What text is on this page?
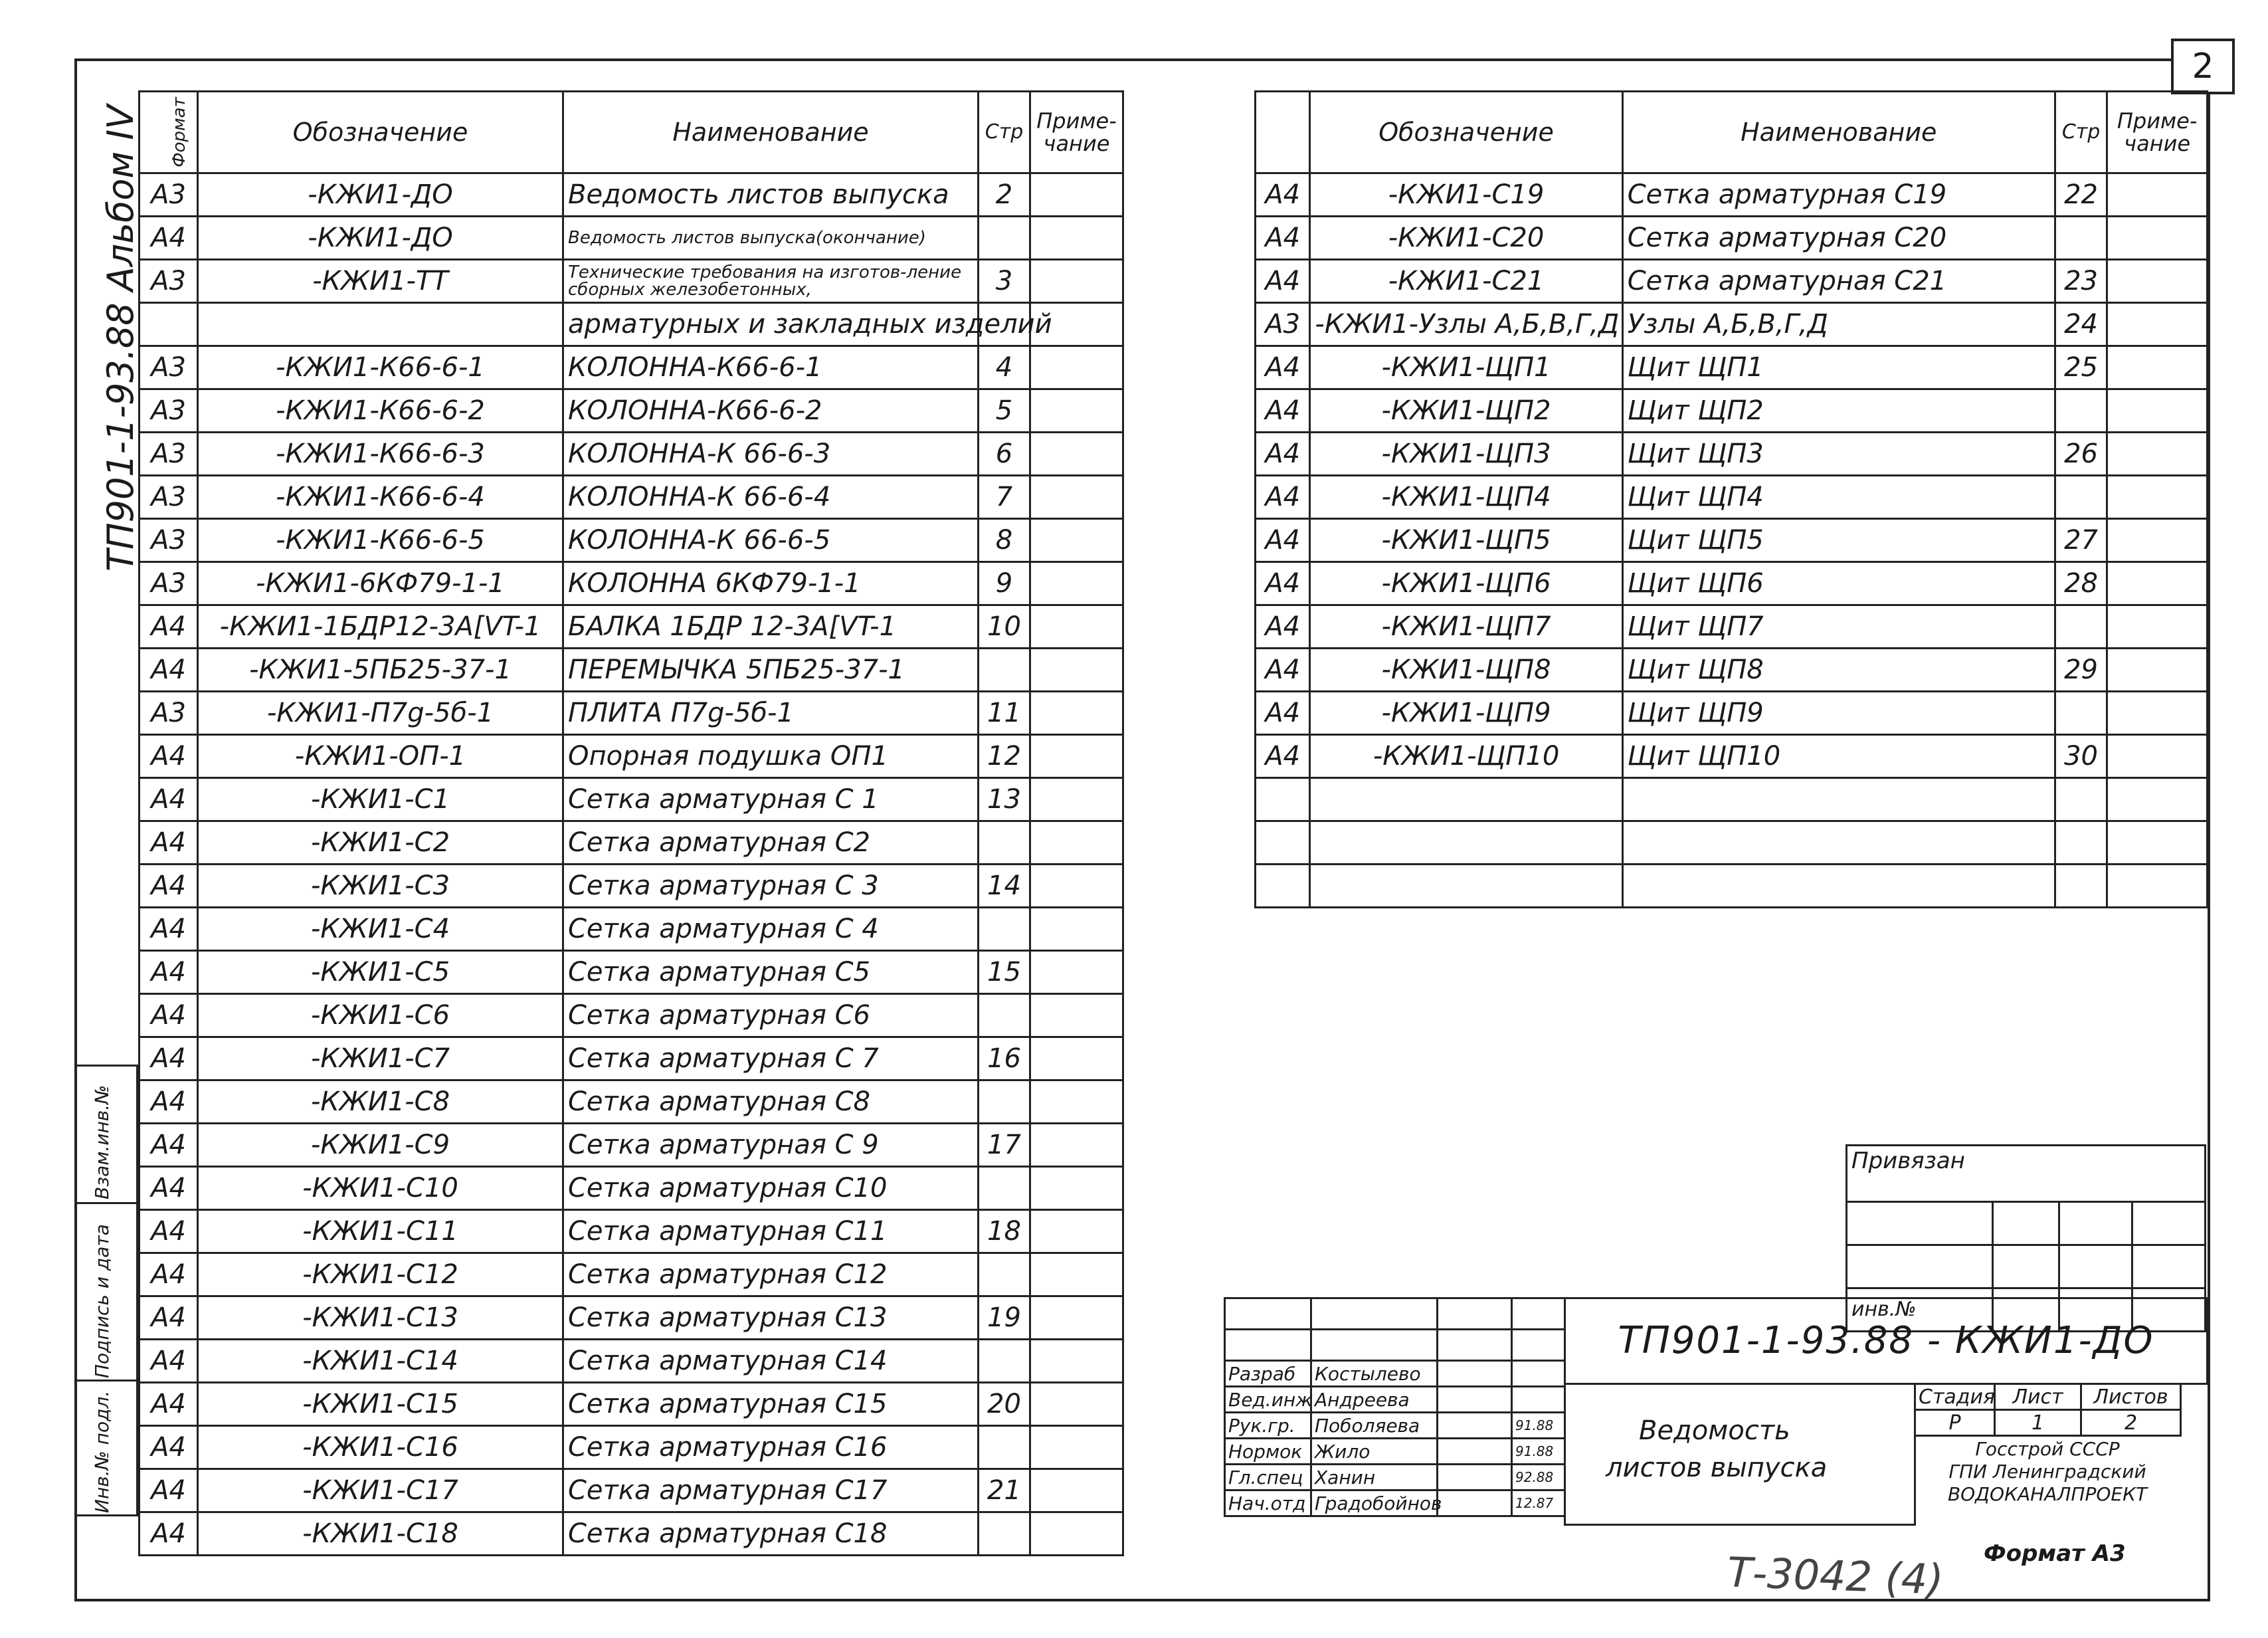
2
ТП901-1-93.88 Альбом IV Формат	Обозначение	Наименование	Стр	Приме-чание
А3	-КЖИ1-ДО	Ведомость листов выпуска	2	
А4	-КЖИ1-ДО	Ведомость листов выпуска(окончание)		
А3	-КЖИ1-ТТ	Технические требования на изготов-ление сборных железобетонных,	3	
		арматурных и закладных изделий		
А3	-КЖИ1-К66-6-1	КОЛОННА-К66-6-1	4	
А3	-КЖИ1-К66-6-2	КОЛОННА-К66-6-2	5	
А3	-КЖИ1-К66-6-3	КОЛОННА-К 66-6-3	6	
А3	-КЖИ1-К66-6-4	КОЛОННА-К 66-6-4	7	
А3	-КЖИ1-К66-6-5	КОЛОННА-К 66-6-5	8	
А3	-КЖИ1-6КФ79-1-1	КОЛОННА 6КФ79-1-1	9	
А4	-КЖИ1-1БДР12-3А[VT-1	БАЛКА 1БДР 12-3А[VT-1	10	
А4	-КЖИ1-5ПБ25-37-1	ПЕРЕМЫЧКА 5ПБ25-37-1		
А3	-КЖИ1-П7g-5б-1	ПЛИТА П7g-5б-1	11	
А4	-КЖИ1-ОП-1	Опорная подушка ОП1	12	
А4	-КЖИ1-С1	Сетка арматурная С 1	13	
А4	-КЖИ1-С2	Сетка арматурная С2		
А4	-КЖИ1-С3	Сетка арматурная С 3	14	
А4	-КЖИ1-С4	Сетка арматурная С 4		
А4	-КЖИ1-С5	Сетка арматурная С5	15	
А4	-КЖИ1-С6	Сетка арматурная С6		
А4	-КЖИ1-С7	Сетка арматурная С 7	16	
А4	-КЖИ1-С8	Сетка арматурная С8		
А4	-КЖИ1-С9	Сетка арматурная С 9	17	
А4	-КЖИ1-С10	Сетка арматурная С10		
А4	-КЖИ1-С11	Сетка арматурная С11	18	
А4	-КЖИ1-С12	Сетка арматурная С12		
А4	-КЖИ1-С13	Сетка арматурная С13	19	
А4	-КЖИ1-С14	Сетка арматурная С14		
А4	-КЖИ1-С15	Сетка арматурная С15	20	
А4	-КЖИ1-С16	Сетка арматурная С16		
А4	-КЖИ1-С17	Сетка арматурная С17	21	
А4	-КЖИ1-С18	Сетка арматурная С18		
	Обозначение	Наименование	Стр	Приме-чание
А4	-КЖИ1-С19	Сетка арматурная С19	22	
А4	-КЖИ1-С20	Сетка арматурная С20		
А4	-КЖИ1-С21	Сетка арматурная С21	23	
А3	-КЖИ1-Узлы А,Б,В,Г,Д	Узлы А,Б,В,Г,Д	24	
А4	-КЖИ1-ЩП1	Щит ЩП1	25	
А4	-КЖИ1-ЩП2	Щит ЩП2		
А4	-КЖИ1-ЩП3	Щит ЩП3	26	
А4	-КЖИ1-ЩП4	Щит ЩП4		
А4	-КЖИ1-ЩП5	Щит ЩП5	27	
А4	-КЖИ1-ЩП6	Щит ЩП6	28	
А4	-КЖИ1-ЩП7	Щит ЩП7		
А4	-КЖИ1-ЩП8	Щит ЩП8	29	
А4	-КЖИ1-ЩП9	Щит ЩП9		
А4	-КЖИ1-ЩП10	Щит ЩП10	30	

Взам.инв.№
Подпись и дата
Инв.№ подл.
Привязан			

инв.№			

Разраб	Костылево		
Вед.инж	Андреева		
Рук.гр.	Поболяева		91.88
Нормок	Жило		91.88
Гл.спец	Ханин		92.88
Нач.отд	Градобойнов		12.87
ТП901-1-93.88 - КЖИ1-ДО
Ведомость
листов выпуска
Стадия	Лист	Листов
Р	1	2
Госстрой СССР
ГПИ Ленинградский
ВОДОКАНАЛПРОЕКТ
Формат А3
Т-3042 (4)
